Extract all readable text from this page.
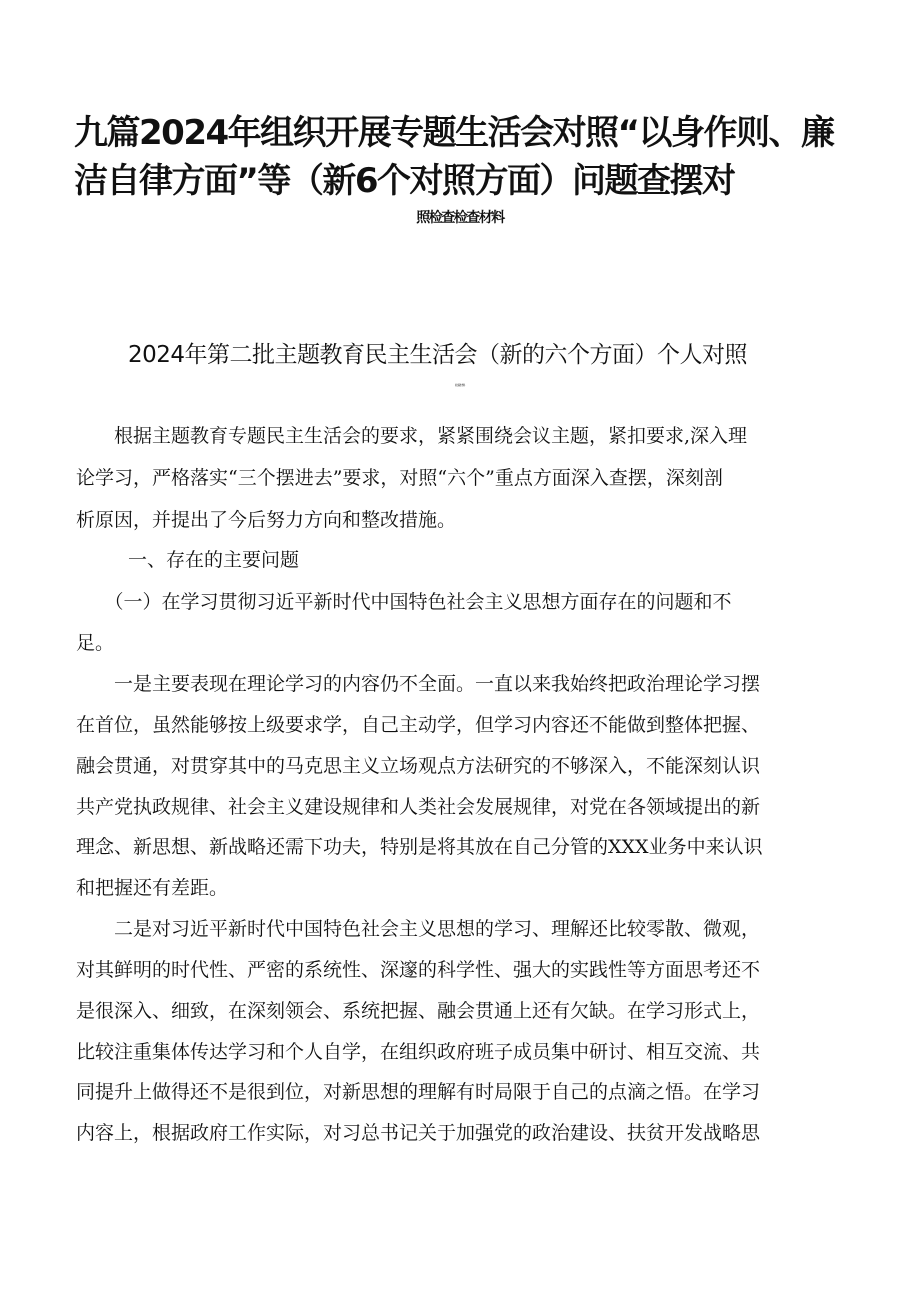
九篇2024年组织开展专题生活会对照“以身作则、廉
洁自律方面”等（新6个对照方面）问题查摆对
照检查检查材料
2024年第二批主题教育民主生活会（新的六个方面）个人对照
检查材料
　　根据主题教育专题民主生活会的要求，紧紧围绕会议主题，紧扣要求,深入理
论学习，严格落实“三个摆进去”要求，对照“六个”重点方面深入查摆，深刻剖
析原因，并提出了今后努力方向和整改措施。
一、存在的主要问题
　　（一）在学习贯彻习近平新时代中国特色社会主义思想方面存在的问题和不
足。
　　一是主要表现在理论学习的内容仍不全面。一直以来我始终把政治理论学习摆
在首位，虽然能够按上级要求学，自己主动学，但学习内容还不能做到整体把握、
融会贯通，对贯穿其中的马克思主义立场观点方法研究的不够深入，不能深刻认识
共产党执政规律、社会主义建设规律和人类社会发展规律，对党在各领域提出的新
理念、新思想、新战略还需下功夫，特别是将其放在自己分管的XXX业务中来认识
和把握还有差距。
　　二是对习近平新时代中国特色社会主义思想的学习、理解还比较零散、微观，
对其鲜明的时代性、严密的系统性、深邃的科学性、强大的实践性等方面思考还不
是很深入、细致，在深刻领会、系统把握、融会贯通上还有欠缺。在学习形式上，
比较注重集体传达学习和个人自学，在组织政府班子成员集中研讨、相互交流、共
同提升上做得还不是很到位，对新思想的理解有时局限于自己的点滴之悟。在学习
内容上，根据政府工作实际，对习总书记关于加强党的政治建设、扶贫开发战略思
